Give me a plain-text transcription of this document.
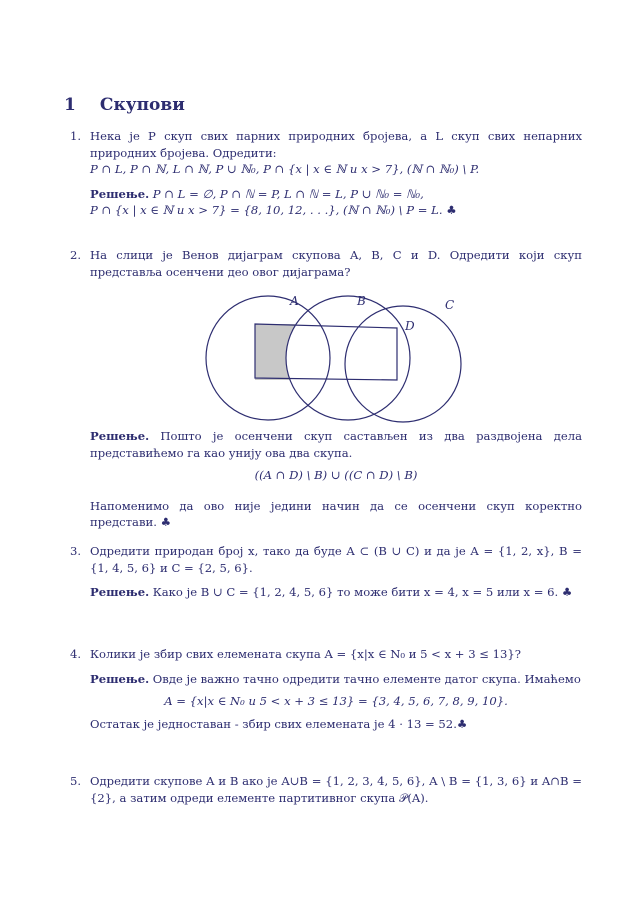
1 Скупови
1. Нека је P скуп свих парних природних бројева, а L скуп свих непарних природних бројева. Одредити:
P ∩ L, P ∩ ℕ, L ∩ ℕ, P ∪ ℕ₀, P ∩ {x | x ∈ ℕ и x > 7}, (ℕ ∩ ℕ₀) \ P.
Решење. P ∩ L = ∅, P ∩ ℕ = P, L ∩ ℕ = L, P ∪ ℕ₀ = ℕ₀,
P ∩ {x | x ∈ ℕ и x > 7} = {8, 10, 12, . . .}, (ℕ ∩ ℕ₀) \ P = L. ♣
2. На слици је Венов дијаграм скупова A, B, C и D. Одредити који скуп представља осенчени део овог дијаграма?
A	B	C
D
Решење. Пошто је осенчени скуп састављен из два раздвојена дела представићемо га као унију ова два скупа.
((A ∩ D) \ B) ∪ ((C ∩ D) \ B)
Напоменимо да ово није једини начин да се осенчени скуп коректно представи. ♣
3. Одредити природан број x, тако да буде A ⊂ (B ∪ C) и да је A = {1, 2, x}, B = {1, 4, 5, 6} и C = {2, 5, 6}.
Решење. Како је B ∪ C = {1, 2, 4, 5, 6} то може бити x = 4, x = 5 или x = 6. ♣
4. Колики је збир свих елемената скупа A = {x|x ∈ N₀ и 5 < x + 3 ≤ 13}?
Решење. Овде је важно тачно одредити тачно елементе датог скупа. Имаћемо
A = {x|x ∈ N₀ и 5 < x + 3 ≤ 13} = {3, 4, 5, 6, 7, 8, 9, 10}.
Остатак је једноставан - збир свих елемената је 4 · 13 = 52.♣
5. Одредити скупове A и B ако је A∪B = {1, 2, 3, 4, 5, 6}, A \ B = {1, 3, 6} и A∩B = {2}, а затим одреди елементе партитивног скупа 𝒫(A).
